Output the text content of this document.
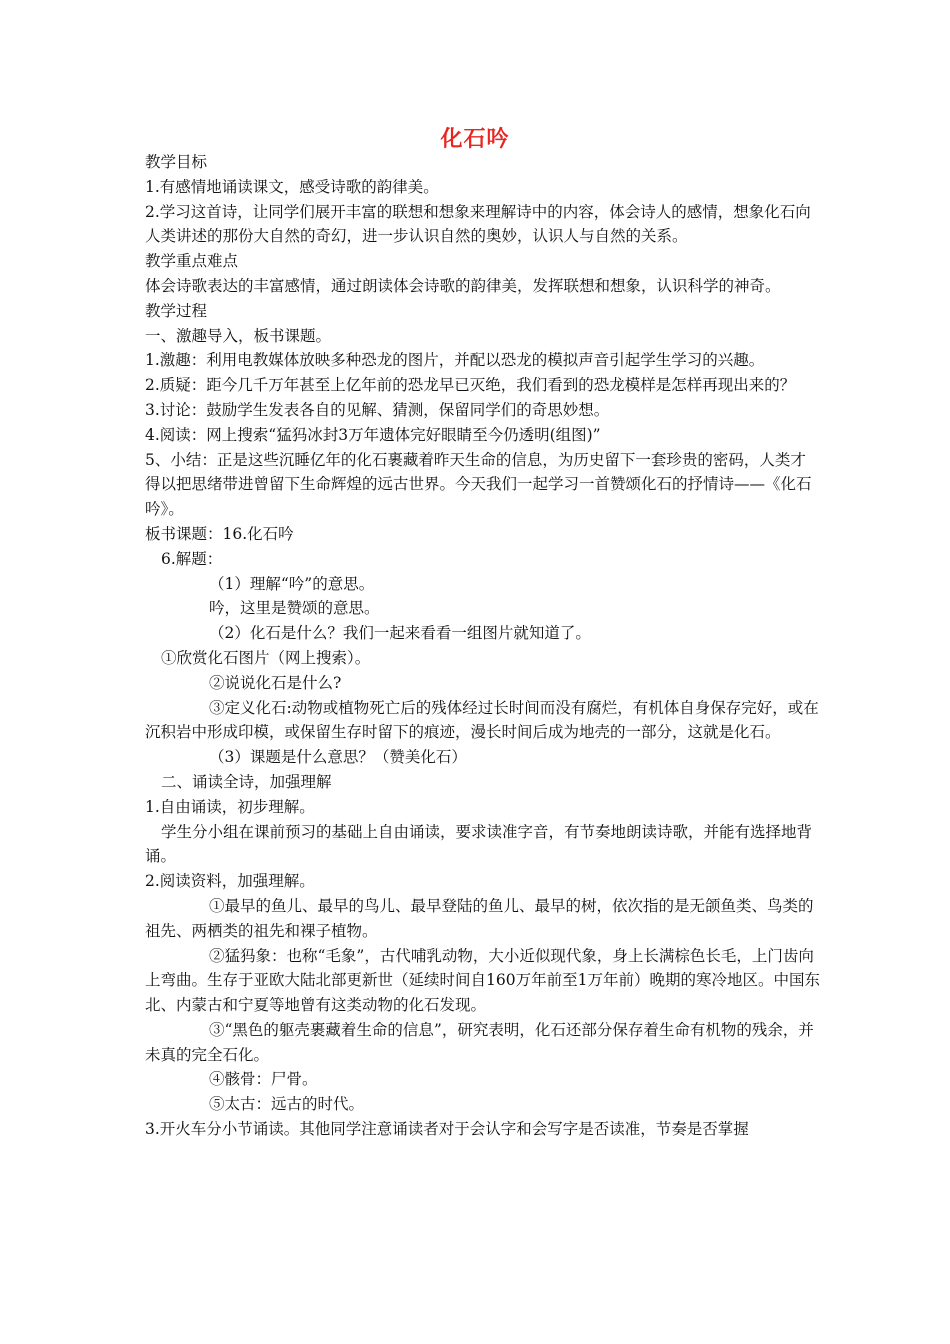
化石吟

教学目标

1.有感情地诵读课文，感受诗歌的韵律美。

2.学习这首诗，让同学们展开丰富的联想和想象来理解诗中的内容，体会诗人的感情，想象化石向人类讲述的那份大自然的奇幻，进一步认识自然的奥妙，认识人与自然的关系。

教学重点难点

体会诗歌表达的丰富感情，通过朗读体会诗歌的韵律美，发挥联想和想象，认识科学的神奇。

教学过程

一、激趣导入，板书课题。

1.激趣：利用电教媒体放映多种恐龙的图片，并配以恐龙的模拟声音引起学生学习的兴趣。

2.质疑：距今几千万年甚至上亿年前的恐龙早已灭绝，我们看到的恐龙模样是怎样再现出来的？

3.讨论：鼓励学生发表各自的见解、猜测，保留同学们的奇思妙想。

4.阅读：网上搜索“猛犸冰封3万年遗体完好眼睛至今仍透明(组图)”

5、小结：正是这些沉睡亿年的化石裹藏着昨天生命的信息，为历史留下一套珍贵的密码，人类才得以把思绪带进曾留下生命辉煌的远古世界。今天我们一起学习一首赞颂化石的抒情诗——《化石吟》。

板书课题：16.化石吟

6.解题：

（1）理解“吟”的意思。

吟，这里是赞颂的意思。

（2）化石是什么？我们一起来看看一组图片就知道了。

①欣赏化石图片（网上搜索）。

②说说化石是什么?

③定义化石:动物或植物死亡后的残体经过长时间而没有腐烂，有机体自身保存完好，或在沉积岩中形成印模，或保留生存时留下的痕迹，漫长时间后成为地壳的一部分，这就是化石。

（3）课题是什么意思？（赞美化石）

二、诵读全诗，加强理解

1.自由诵读，初步理解。

学生分小组在课前预习的基础上自由诵读，要求读准字音，有节奏地朗读诗歌，并能有选择地背诵。

2.阅读资料，加强理解。

①最早的鱼儿、最早的鸟儿、最早登陆的鱼儿、最早的树，依次指的是无颌鱼类、鸟类的祖先、两栖类的祖先和裸子植物。

②猛犸象：也称“毛象”，古代哺乳动物，大小近似现代象，身上长满棕色长毛，上门齿向上弯曲。生存于亚欧大陆北部更新世（延续时间自160万年前至1万年前）晚期的寒冷地区。中国东北、内蒙古和宁夏等地曾有这类动物的化石发现。

③“黑色的躯壳裹藏着生命的信息”，研究表明，化石还部分保存着生命有机物的残余，并未真的完全石化。

④骸骨：尸骨。

⑤太古：远古的时代。

3.开火车分小节诵读。其他同学注意诵读者对于会认字和会写字是否读准，节奏是否掌握
